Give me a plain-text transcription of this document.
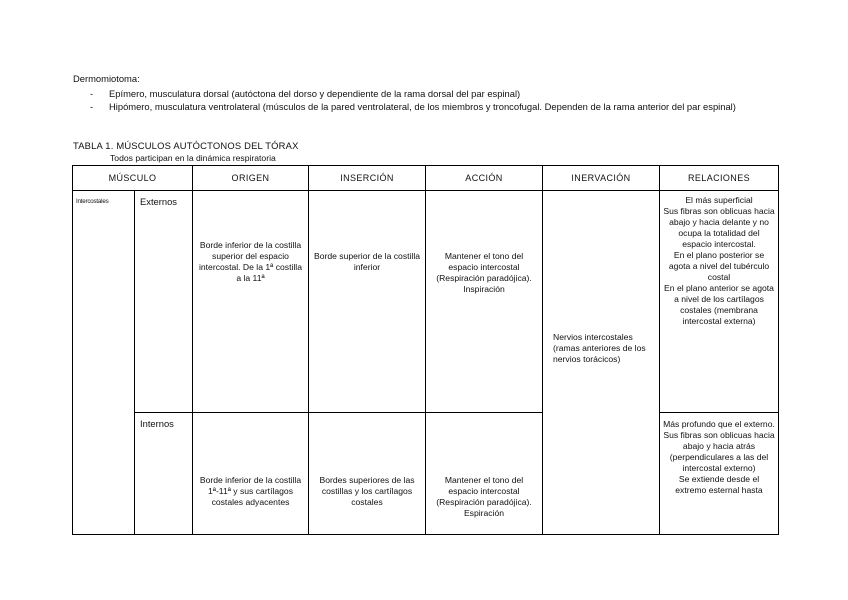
Dermomiotoma:
- Epímero, musculatura dorsal (autóctona del dorso y dependiente de la rama dorsal del par espinal)
- Hipómero, musculatura ventrolateral (músculos de la pared ventrolateral, de los miembros y troncofugal. Dependen de la rama anterior del par espinal)
TABLA 1. MÚSCULOS AUTÓCTONOS DEL TÓRAX
Todos participan en la dinámica respiratoria
MÚSCULO		ORIGEN	INSERCIÓN	ACCIÓN	INERVACIÓN	RELACIONES
Intercostales	Externos	Borde inferior de la costilla superior del espacio intercostal. De la 1ª costilla a la 11ª	Borde superior de la costilla inferior	Mantener el tono del espacio intercostal (Respiración paradójica). Inspiración	Nervios intercostales (ramas anteriores de los nervios torácicos)	El más superficial
Sus fibras son oblicuas hacia abajo y hacia delante y no ocupa la totalidad del espacio intercostal.
En el plano posterior se agota a nivel del tubérculo costal
En el plano anterior se agota a nivel de los cartílagos costales (membrana intercostal externa)

	Internos	Borde inferior de la costilla 1ª-11ª y sus cartílagos costales adyacentes	Bordes superiores de las costillas y los cartílagos costales	Mantener el tono del espacio intercostal (Respiración paradójica). Espiración		Más profundo que el externo.
Sus fibras son oblicuas hacia abajo y hacia atrás (perpendiculares a las del intercostal externo)
Se extiende desde el extremo esternal hasta
